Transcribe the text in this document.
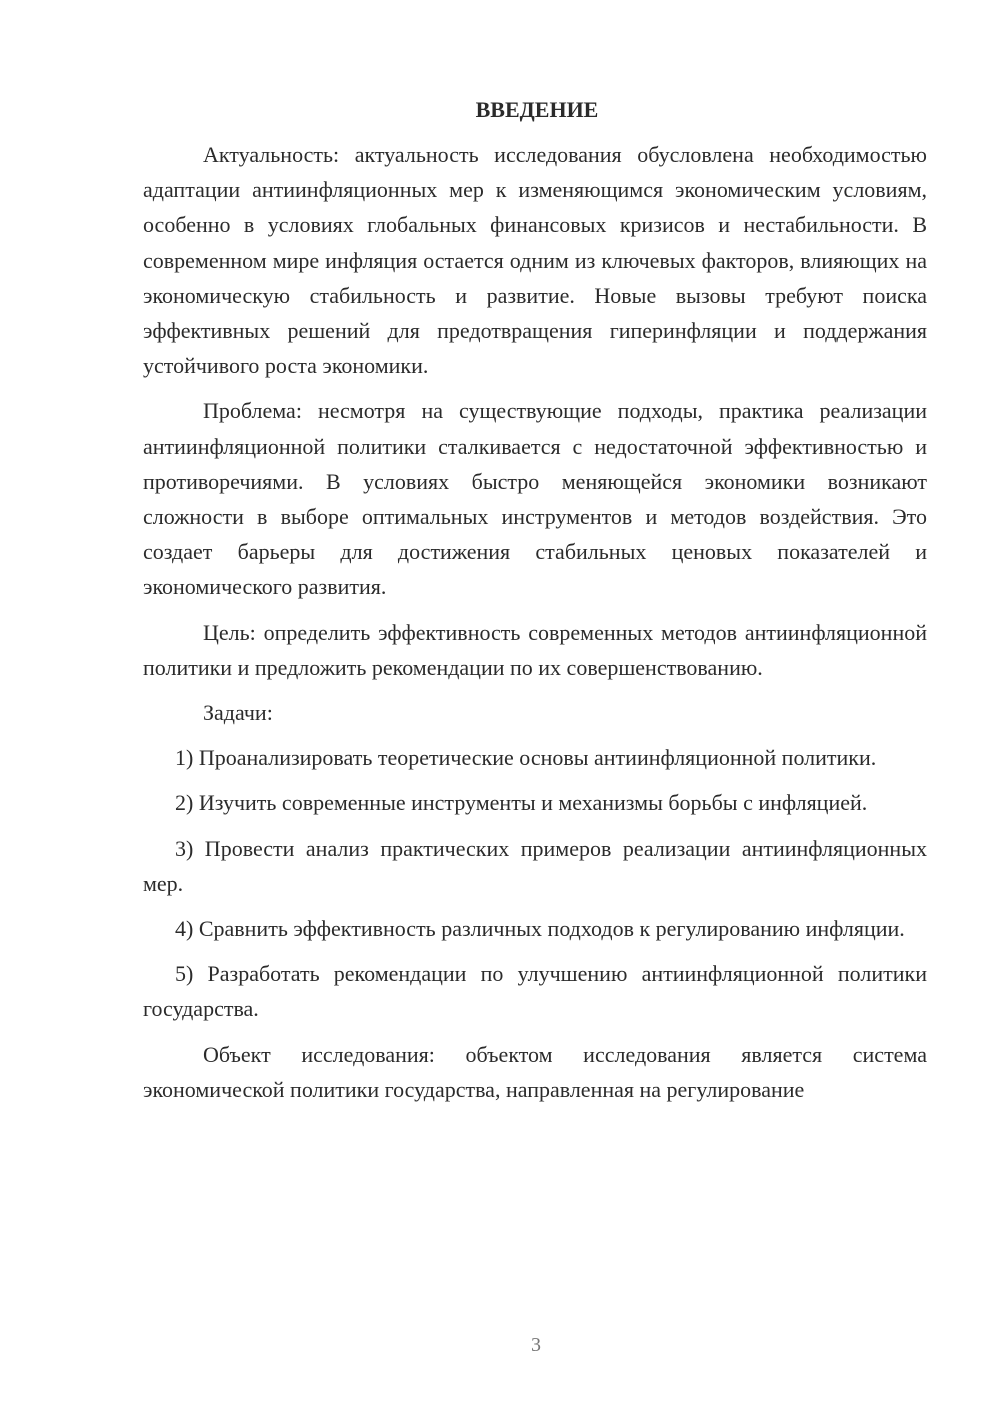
ВВЕДЕНИЕ

Актуальность: актуальность исследования обусловлена необходимостью адаптации антиинфляционных мер к изменяющимся экономическим условиям, особенно в условиях глобальных финансовых кризисов и нестабильности. В современном мире инфляция остается одним из ключевых факторов, влияющих на экономическую стабильность и развитие. Новые вызовы требуют поиска эффективных решений для предотвращения гиперинфляции и поддержания устойчивого роста экономики.

Проблема: несмотря на существующие подходы, практика реализации антиинфляционной политики сталкивается с недостаточной эффективностью и противоречиями. В условиях быстро меняющейся экономики возникают сложности в выборе оптимальных инструментов и методов воздействия. Это создает барьеры для достижения стабильных ценовых показателей и экономического развития.

Цель: определить эффективность современных методов антиинфляционной политики и предложить рекомендации по их совершенствованию.

Задачи:

1) Проанализировать теоретические основы антиинфляционной политики.

2) Изучить современные инструменты и механизмы борьбы с инфляцией.

3) Провести анализ практических примеров реализации антиинфляционных мер.

4) Сравнить эффективность различных подходов к регулированию инфляции.

5) Разработать рекомендации по улучшению антиинфляционной политики государства.

Объект исследования: объектом исследования является система экономической политики государства, направленная на регулирование

3
